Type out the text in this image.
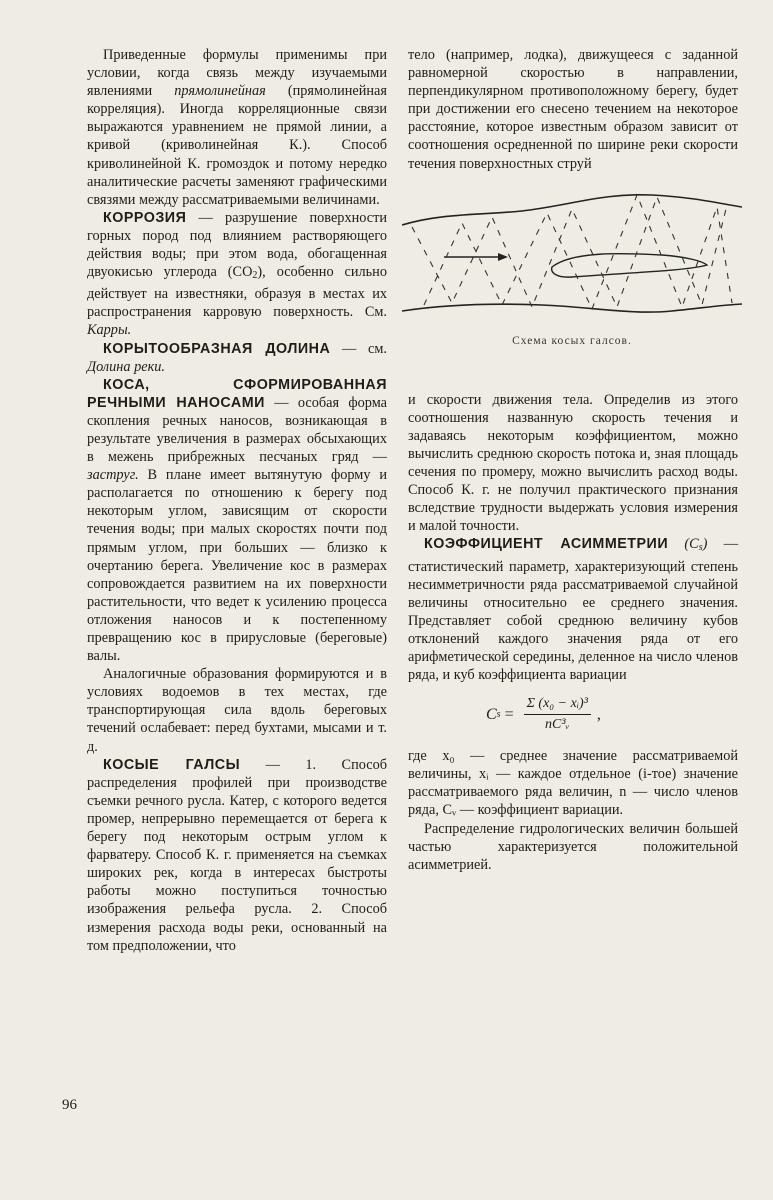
Приведенные формулы применимы при условии, когда связь между изучаемыми явлениями прямолинейная (прямолинейная корреляция). Иногда корреляционные связи выражаются уравнением не прямой линии, а кривой (криволинейная К.). Способ криволинейной К. громоздок и потому нередко аналитические расчеты заменяют графическими связями между рассматриваемыми величинами.

КОРРОЗИЯ — разрушение поверхности горных пород под влиянием растворяющего действия воды; при этом вода, обогащенная двуокисью углерода $(CO_2)$, особенно сильно действует на известняки, образуя в местах их распространения карровую поверхность. См. Карры.

КОРЫТООБРАЗНАЯ ДОЛИНА — см. Долина реки.

КОСА, СФОРМИРОВАННАЯ РЕЧНЫМИ НАНОСАМИ — особая форма скопления речных наносов, возникающая в результате увеличения в размерах обсыхающих в межень прибрежных песчаных гряд — заструг. В плане имеет вытянутую форму и располагается по отношению к берегу под некоторым углом, зависящим от скорости течения воды; при малых скоростях почти под прямым углом, при больших — близко к очертанию берега. Увеличение кос в размерах сопровождается развитием на их поверхности растительности, что ведет к усилению процесса отложения наносов и к постепенному превращению кос в прирусловые (береговые) валы.

Аналогичные образования формируются и в условиях водоемов в тех местах, где транспортирующая сила вдоль береговых течений ослабевает: перед бухтами, мысами и т. д.

КОСЫЕ ГАЛСЫ — 1. Способ распределения профилей при производстве съемки речного русла. Катер, с которого ведется промер, непрерывно перемещается от берега к берегу под некоторым острым углом к фарватеру. Способ К. г. применяется на съемках широких рек, когда в интересах быстроты работы можно поступиться точностью изображения рельефа русла. 2. Способ измерения расхода воды реки, основанный на том предположении, что

тело (например, лодка), движущееся с заданной равномерной скоростью в направлении, перпендикулярном противоположному берегу, будет при достижении его снесено течением на некоторое расстояние, которое известным образом зависит от соотношения осредненной по ширине реки скорости течения поверхностных струй

Схема косых галсов.

и скорости движения тела. Определив из этого соотношения названную скорость течения и задаваясь некоторым коэффициентом, можно вычислить среднюю скорость потока и, зная площадь сечения по промеру, можно вычислить расход воды. Способ К. г. не получил практического признания вследствие трудности выдержать условия измерения и малой точности.

КОЭФФИЦИЕНТ АСИММЕТРИИ $(C_s)$ — статистический параметр, характеризующий степень несимметричности ряда рассматриваемой случайной величины относительно ее среднего значения. Представляет собой среднюю величину кубов отклонений каждого значения ряда от его арифметической середины, деленное на число членов ряда, и куб коэффициента вариации

C $s = \frac{\text{Σ (x₀ − xᵢ)³}}{\text{nC³ᵥ}}$ ,

где x₀ — среднее значение рассматриваемой величины, xᵢ — каждое отдельное (i-тое) значение рассматриваемого ряда величин, n — число членов ряда, Cᵥ — коэффициент вариации.

Распределение гидрологических величин большей частью характеризуется положительной асимметрией.

96
